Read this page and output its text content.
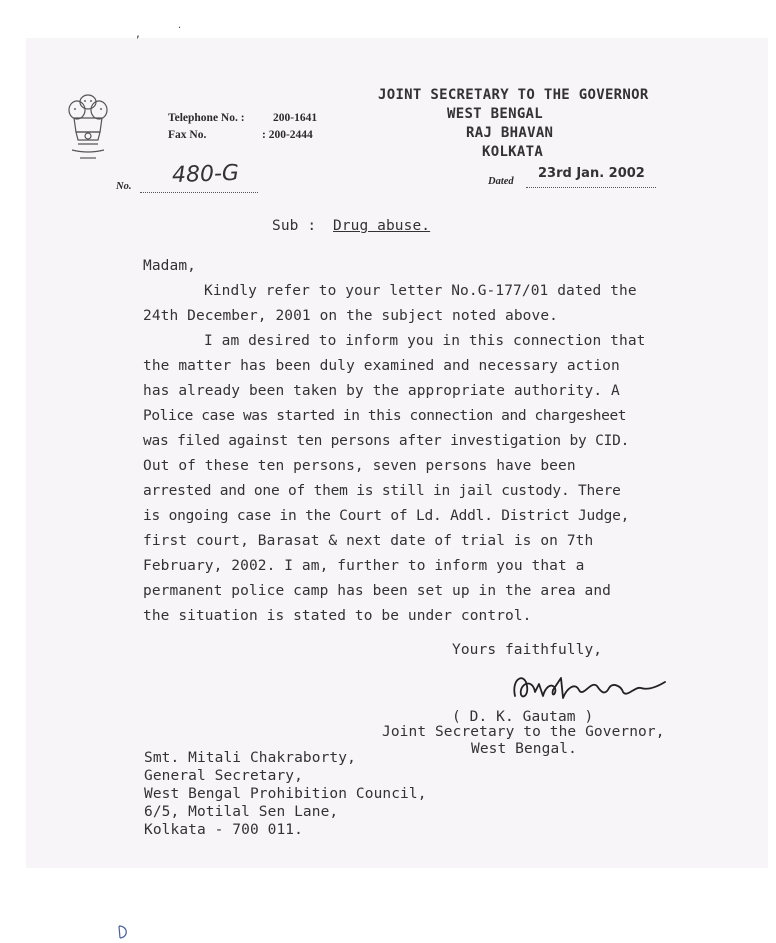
,
.
Telephone No. : 200-1641
Fax No.	: 200-2444
JOINT SECRETARY TO THE GOVERNOR
WEST BENGAL
RAJ BHAVAN
KOLKATA
No. 480-G	Dated
23rd Jan. 2002
Sub : Drug abuse.
Madam,
Kindly refer to your letter No.G-177/01 dated the
24th December, 2001 on the subject noted above.
I am desired to inform you in this connection that
the matter has been duly examined and necessary action
has already been taken by the appropriate authority. A
Police case was started in this connection and chargesheet
was filed against ten persons after investigation by CID.
Out of these ten persons, seven persons have been
arrested and one of them is still in jail custody. There
is ongoing case in the Court of Ld. Addl. District Judge,
first court, Barasat & next date of trial is on 7th
February, 2002. I am, further to inform you that a
permanent police camp has been set up in the area and
the situation is stated to be under control.
Yours faithfully,
( D. K. Gautam )
Joint Secretary to the Governor,
West Bengal.
Smt. Mitali Chakraborty,
General Secretary,
West Bengal Prohibition Council,
6/5, Motilal Sen Lane,
Kolkata - 700 011.
